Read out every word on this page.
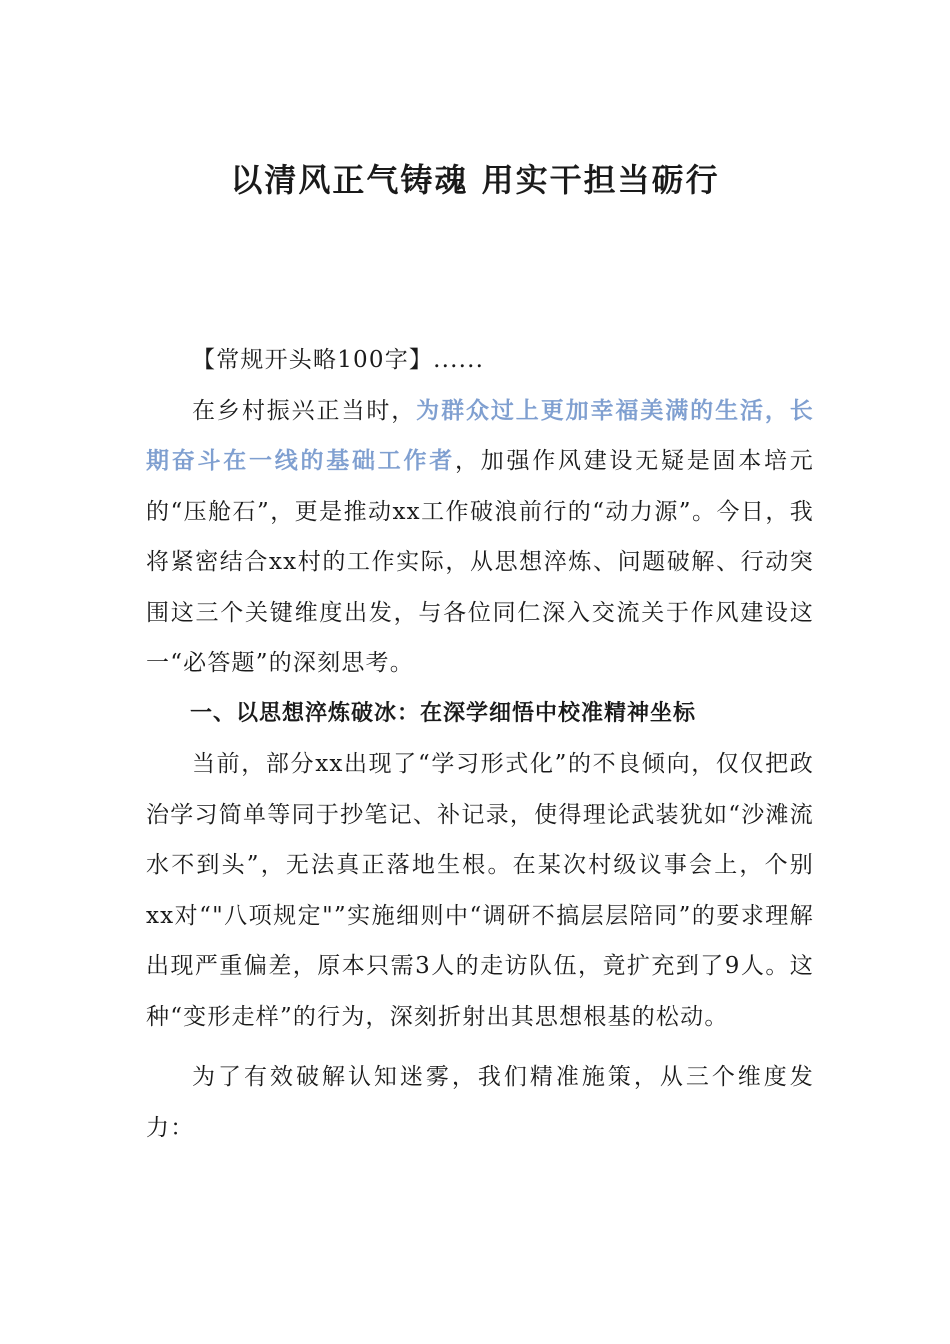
以清风正气铸魂 用实干担当砺行

【常规开头略100字】......

在乡村振兴正当时，为群众过上更加幸福美满的生活，长期奋斗在一线的基础工作者，加强作风建设无疑是固本培元的“压舱石”，更是推动xx工作破浪前行的“动力源”。今日，我将紧密结合xx村的工作实际，从思想淬炼、问题破解、行动突围这三个关键维度出发，与各位同仁深入交流关于作风建设这一“必答题”的深刻思考。

一、以思想淬炼破冰：在深学细悟中校准精神坐标

当前，部分xx出现了“学习形式化”的不良倾向，仅仅把政治学习简单等同于抄笔记、补记录，使得理论武装犹如“沙滩流水不到头”，无法真正落地生根。在某次村级议事会上，个别xx对“"八项规定"”实施细则中“调研不搞层层陪同”的要求理解出现严重偏差，原本只需3人的走访队伍，竟扩充到了9人。这种“变形走样”的行为，深刻折射出其思想根基的松动。

为了有效破解认知迷雾，我们精准施策，从三个维度发力：
